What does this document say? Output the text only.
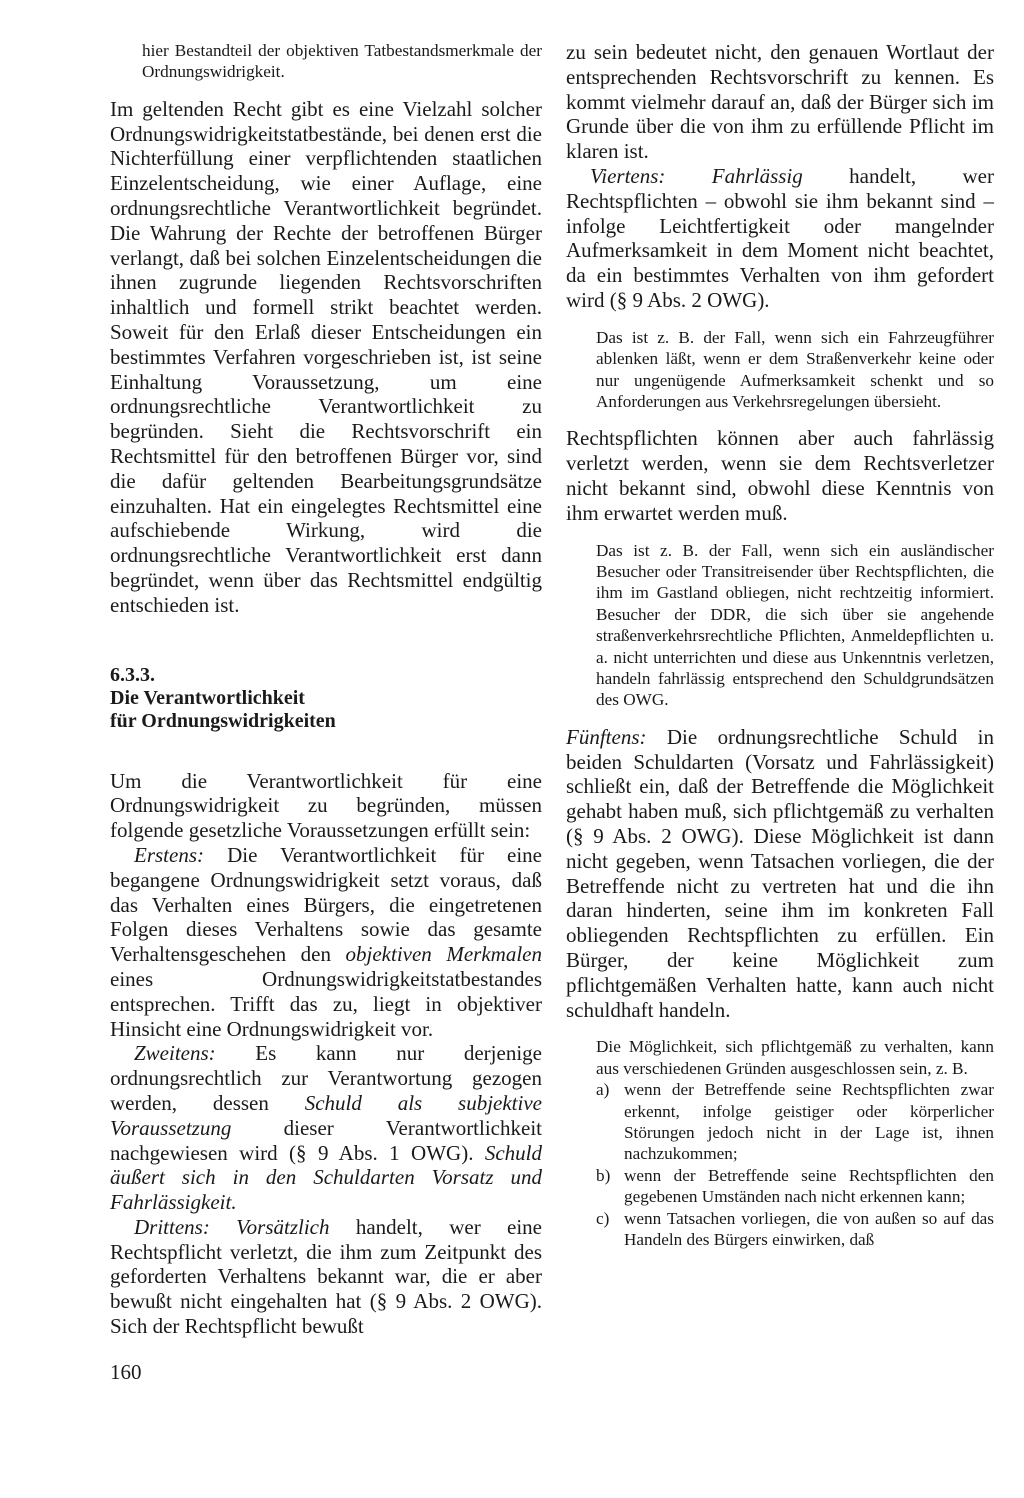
hier Bestandteil der objektiven Tatbestandsmerkmale der Ordnungswidrigkeit.

Im geltenden Recht gibt es eine Vielzahl solcher Ordnungswidrigkeitstatbestände, bei denen erst die Nichterfüllung einer verpflichtenden staatlichen Einzelentscheidung, wie einer Auflage, eine ordnungsrechtliche Verantwortlichkeit begründet. Die Wahrung der Rechte der betroffenen Bürger verlangt, daß bei solchen Einzelentscheidungen die ihnen zugrunde liegenden Rechtsvorschriften inhaltlich und formell strikt beachtet werden. Soweit für den Erlaß dieser Entscheidungen ein bestimmtes Verfahren vorgeschrieben ist, ist seine Einhaltung Voraussetzung, um eine ordnungsrechtliche Verantwortlichkeit zu begründen. Sieht die Rechtsvorschrift ein Rechtsmittel für den betroffenen Bürger vor, sind die dafür geltenden Bearbeitungsgrundsätze einzuhalten. Hat ein eingelegtes Rechtsmittel eine aufschiebende Wirkung, wird die ordnungsrechtliche Verantwortlichkeit erst dann begründet, wenn über das Rechtsmittel endgültig entschieden ist.

6.3.3.
Die Verantwortlichkeit
für Ordnungswidrigkeiten

Um die Verantwortlichkeit für eine Ordnungswidrigkeit zu begründen, müssen folgende gesetzliche Voraussetzungen erfüllt sein:

Erstens: Die Verantwortlichkeit für eine begangene Ordnungswidrigkeit setzt voraus, daß das Verhalten eines Bürgers, die eingetretenen Folgen dieses Verhaltens sowie das gesamte Verhaltensgeschehen den objektiven Merkmalen eines Ordnungswidrigkeitstatbestandes entsprechen. Trifft das zu, liegt in objektiver Hinsicht eine Ordnungswidrigkeit vor.

Zweitens: Es kann nur derjenige ordnungsrechtlich zur Verantwortung gezogen werden, dessen Schuld als subjektive Voraussetzung dieser Verantwortlichkeit nachgewiesen wird (§ 9 Abs. 1 OWG). Schuld äußert sich in den Schuldarten Vorsatz und Fahrlässigkeit.

Drittens: Vorsätzlich handelt, wer eine Rechtspflicht verletzt, die ihm zum Zeitpunkt des geforderten Verhaltens bekannt war, die er aber bewußt nicht eingehalten hat (§ 9 Abs. 2 OWG). Sich der Rechtspflicht bewußt

zu sein bedeutet nicht, den genauen Wortlaut der entsprechenden Rechtsvorschrift zu kennen. Es kommt vielmehr darauf an, daß der Bürger sich im Grunde über die von ihm zu erfüllende Pflicht im klaren ist.

Viertens: Fahrlässig handelt, wer Rechtspflichten – obwohl sie ihm bekannt sind – infolge Leichtfertigkeit oder mangelnder Aufmerksamkeit in dem Moment nicht beachtet, da ein bestimmtes Verhalten von ihm gefordert wird (§ 9 Abs. 2 OWG).

Das ist z. B. der Fall, wenn sich ein Fahrzeugführer ablenken läßt, wenn er dem Straßenverkehr keine oder nur ungenügende Aufmerksamkeit schenkt und so Anforderungen aus Verkehrsregelungen übersieht.

Rechtspflichten können aber auch fahrlässig verletzt werden, wenn sie dem Rechtsverletzer nicht bekannt sind, obwohl diese Kenntnis von ihm erwartet werden muß.

Das ist z. B. der Fall, wenn sich ein ausländischer Besucher oder Transitreisender über Rechtspflichten, die ihm im Gastland obliegen, nicht rechtzeitig informiert. Besucher der DDR, die sich über sie angehende straßenverkehrsrechtliche Pflichten, Anmeldepflichten u. a. nicht unterrichten und diese aus Unkenntnis verletzen, handeln fahrlässig entsprechend den Schuldgrundsätzen des OWG.

Fünftens: Die ordnungsrechtliche Schuld in beiden Schuldarten (Vorsatz und Fahrlässigkeit) schließt ein, daß der Betreffende die Möglichkeit gehabt haben muß, sich pflichtgemäß zu verhalten (§ 9 Abs. 2 OWG). Diese Möglichkeit ist dann nicht gegeben, wenn Tatsachen vorliegen, die der Betreffende nicht zu vertreten hat und die ihn daran hinderten, seine ihm im konkreten Fall obliegenden Rechtspflichten zu erfüllen. Ein Bürger, der keine Möglichkeit zum pflichtgemäßen Verhalten hatte, kann auch nicht schuldhaft handeln.

Die Möglichkeit, sich pflichtgemäß zu verhalten, kann aus verschiedenen Gründen ausgeschlossen sein, z. B.

a) wenn der Betreffende seine Rechtspflichten zwar erkennt, infolge geistiger oder körperlicher Störungen jedoch nicht in der Lage ist, ihnen nachzukommen;
b) wenn der Betreffende seine Rechtspflichten den gegebenen Umständen nach nicht erkennen kann;
c) wenn Tatsachen vorliegen, die von außen so auf das Handeln des Bürgers einwirken, daß
160
